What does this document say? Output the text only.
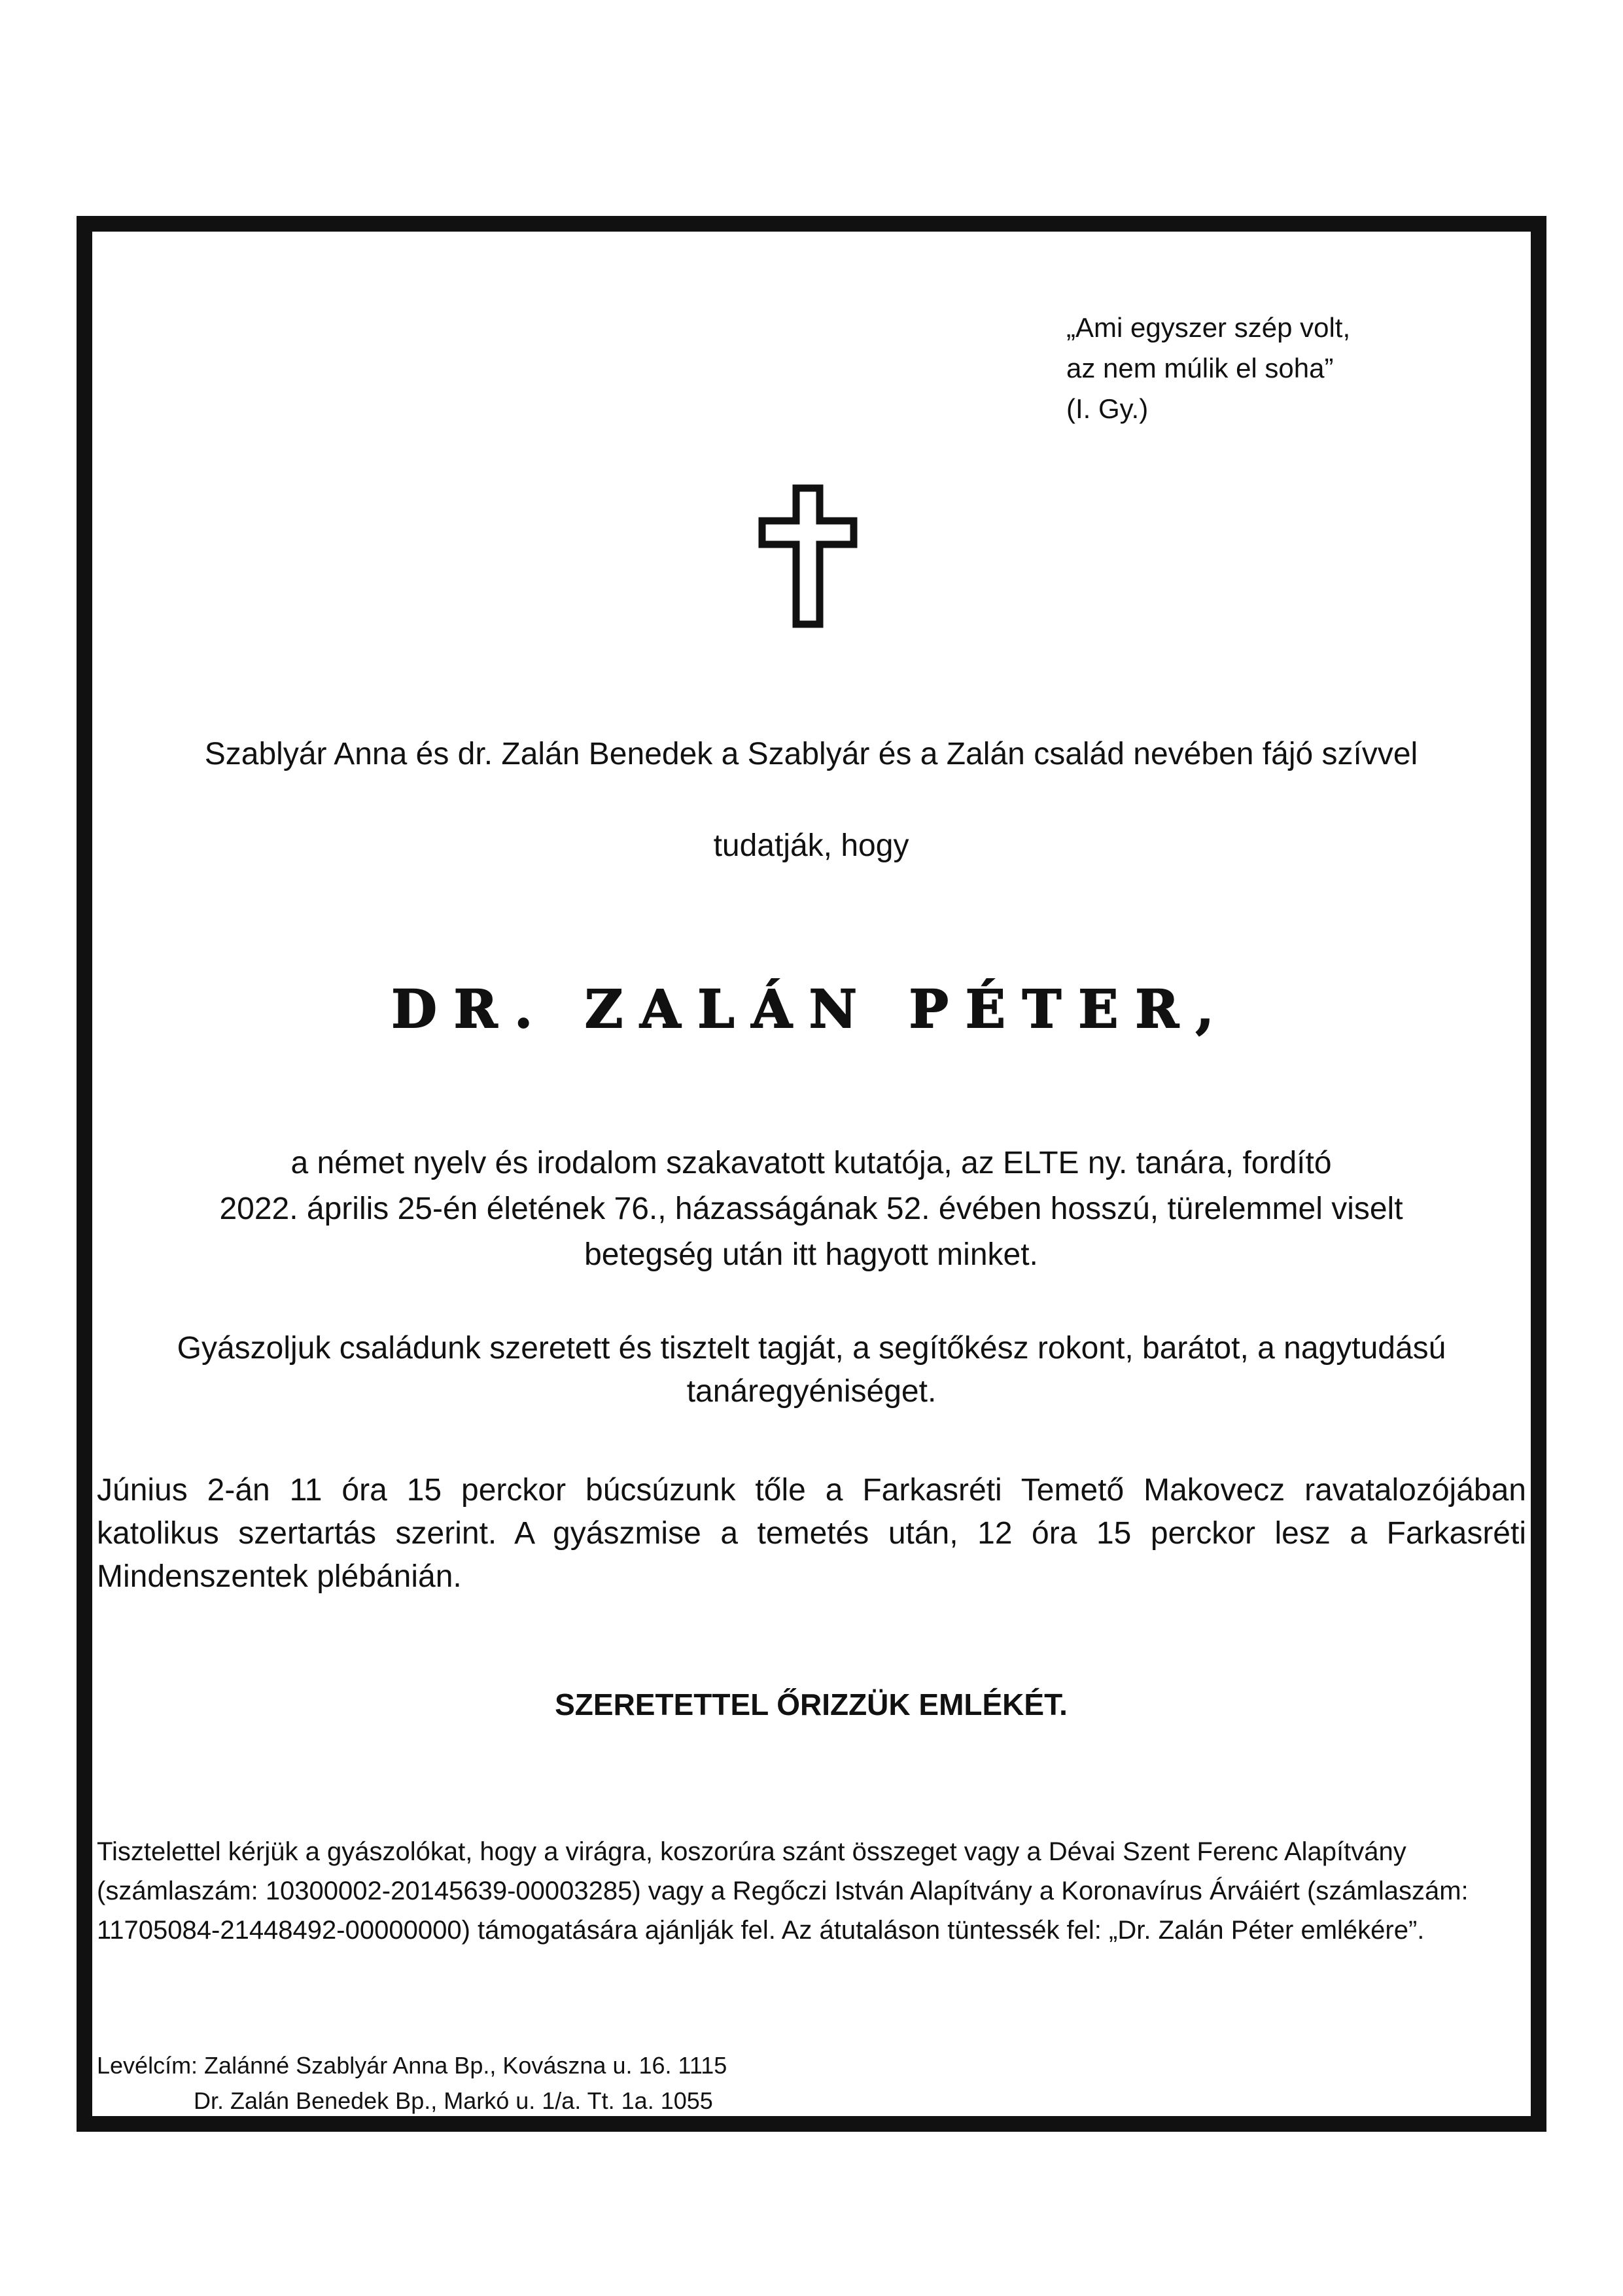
„Ami egyszer szép volt,
az nem múlik el soha”
(I. Gy.)
Szablyár Anna és dr. Zalán Benedek a Szablyár és a Zalán család nevében fájó szívvel
tudatják, hogy
DR. ZALÁN PÉTER,
a német nyelv és irodalom szakavatott kutatója, az ELTE ny. tanára, fordító
2022. április 25-én életének 76., házasságának 52. évében hosszú, türelemmel viselt
betegség után itt hagyott minket.
Gyászoljuk családunk szeretett és tisztelt tagját, a segítőkész rokont, barátot, a nagytudású tanáregyéniséget.
Június 2-án 11 óra 15 perckor búcsúzunk tőle a Farkasréti Temető Makovecz ravatalozójában katolikus szertartás szerint. A gyászmise a temetés után, 12 óra 15 perckor lesz a Farkasréti Mindenszentek plébánián.
SZERETETTEL ŐRIZZÜK EMLÉKÉT.
Tisztelettel kérjük a gyászolókat, hogy a virágra, koszorúra szánt összeget vagy a Dévai Szent Ferenc Alapítvány (számlaszám: 10300002-20145639-00003285) vagy a Regőczi István Alapítvány a Koronavírus Árváiért (számlaszám: 11705084-21448492-00000000) támogatására ajánlják fel. Az átutaláson tüntessék fel: „Dr. Zalán Péter emlékére”.
Levélcím: Zalánné Szablyár Anna Bp., Kovászna u. 16. 1115
Dr. Zalán Benedek Bp., Markó u. 1/a. Tt. 1a. 1055
